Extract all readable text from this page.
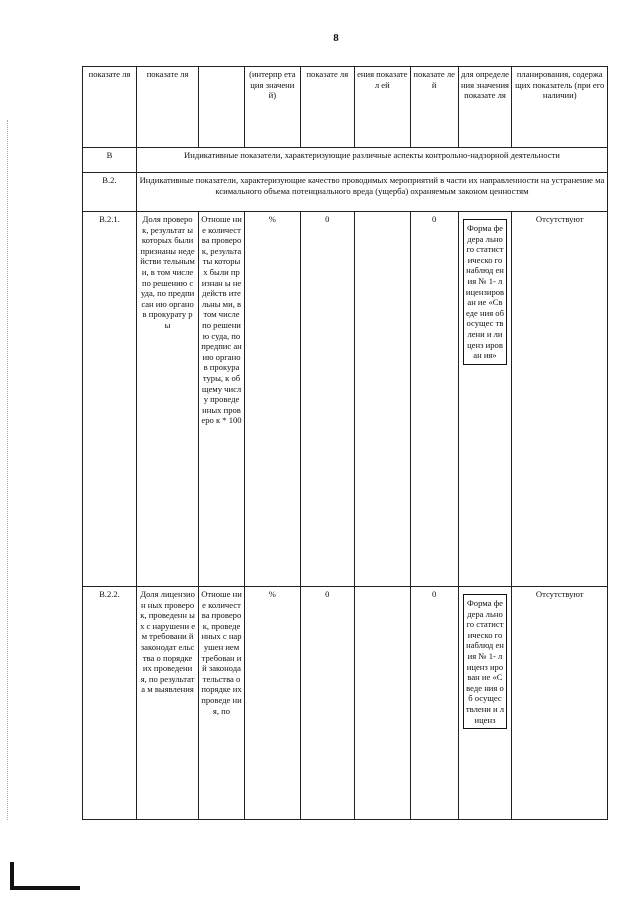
8
показате ля	показате ля		(интерпр етация значени й)	показате ля	ения показател ей	показате лей	для определе ния значения показате ля	планирования, содержащих показатель (при его наличии)
В	Индикативные показатели, характеризующие различные аспекты контрольно-надзорной деятельности							
В.2.	Индикативные показатели, характеризующие качество проводимых мероприятий в части их направленности на устранение максимального объема потенциального вреда (ущерба) охраняемым законом ценностям							
В.2.1.	Доля проверок, результат ы которых были признаны недействи тельными, в том числе по решению суда, по предписан ию органов прокурату ры	Отноше ние количест ва проверо к, результа ты которых были признан ы недейств ительны ми, в том числе по решени ю суда, по предпис анию органов прокура туры, к общему числу проведе нных проверо к * 100	%	0		0	Форма федера льного статист ическо го наблюд ения № 1- лицензирован ие «Сведе ния об осущес твлени и лиценз ирован ия»	Отсутствуют
В.2.2.	Доля лицензион ных проверок, проведенн ых с нарушени ем требовани й законодат ельства о порядке их проведени я, по результата м выявления	Отноше ние количест ва проверо к, проведе нных с нарушен ием требован ий законода тельства о порядке их проведе ния, по	%	0		0	Форма федера льного статист ическо го наблюд ения № 1- лиценз ирован ие «Сведе ния об осущес твлени и лиценз	Отсутствуют
